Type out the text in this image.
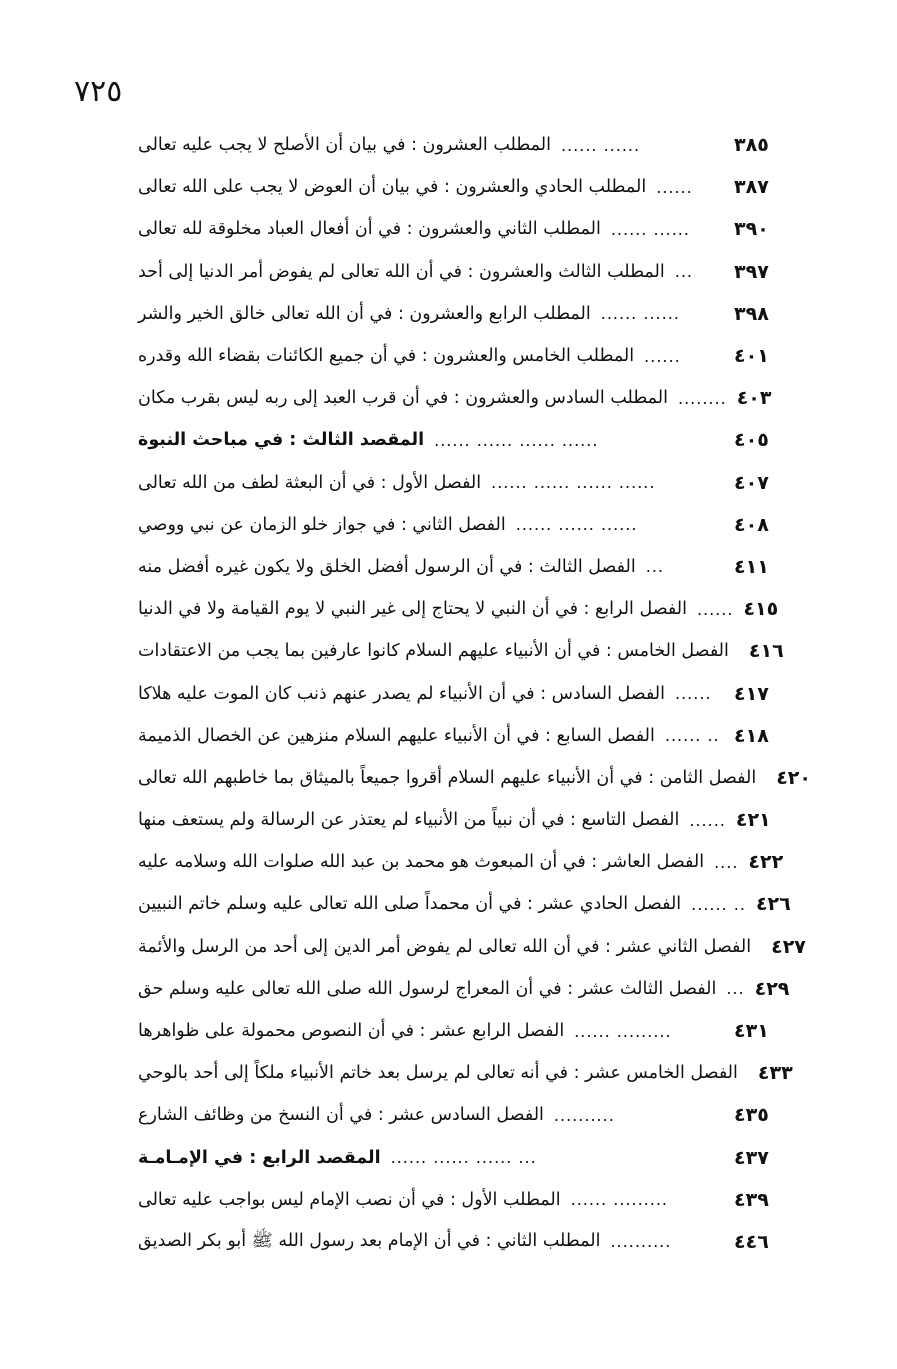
٧٢٥
المطلب العشرون : في بيان أن الأصلح لا يجب عليه تعالى ...... ......	٣٨٥
المطلب الحادي والعشرون : في بيان أن العوض لا يجب على الله تعالى ......	٣٨٧
المطلب الثاني والعشرون : في أن أفعال العباد مخلوقة لله تعالى ...... ......	٣٩٠
المطلب الثالث والعشرون : في أن الله تعالى لم يفوض أمر الدنيا إلى أحد ...	٣٩٧
المطلب الرابع والعشرون : في أن الله تعالى خالق الخير والشر ...... ......	٣٩٨
المطلب الخامس والعشرون : في أن جميع الكائنات بقضاء الله وقدره ......	٤٠١
المطلب السادس والعشرون : في أن قرب العبد إلى ربه ليس بقرب مكان ........ ٤٠٣
المقصد الثالث : في مباحث النبوة ...... ...... ...... ......	٤٠٥
الفصل الأول : في أن البعثة لطف من الله تعالى ...... ...... ...... ......	٤٠٧
الفصل الثاني : في جواز خلو الزمان عن نبي ووصي ...... ...... ......	٤٠٨
الفصل الثالث : في أن الرسول أفضل الخلق ولا يكون غيره أفضل منه ...	٤١١
الفصل الرابع : في أن النبي لا يحتاج إلى غير النبي لا يوم القيامة ولا في الدنيا ...... ٤١٥
الفصل الخامس : في أن الأنبياء عليهم السلام كانوا عارفين بما يجب من الاعتقادات ٤١٦
الفصل السادس : في أن الأنبياء لم يصدر عنهم ذنب كان الموت عليه هلاكا ......	٤١٧
الفصل السابع : في أن الأنبياء عليهم السلام منزهين عن الخصال الذميمة ...... .. ٤١٨
الفصل الثامن : في أن الأنبياء عليهم السلام أقروا جميعاً بالميثاق بما خاطبهم الله تعالى ٤٢٠
الفصل التاسع : في أن نبياً من الأنبياء لم يعتذر عن الرسالة ولم يستعف منها ...... ٤٢١
الفصل العاشر : في أن المبعوث هو محمد بن عبد الله صلوات الله وسلامه عليه .... ٤٢٢
الفصل الحادي عشر : في أن محمداً صلى الله تعالى عليه وسلم خاتم النبيين ...... .. ٤٢٦
الفصل الثاني عشر : في أن الله تعالى لم يفوض أمر الدين إلى أحد من الرسل والأئمة ٤٢٧
الفصل الثالث عشر : في أن المعراج لرسول الله صلى الله تعالى عليه وسلم حق ... ٤٢٩
الفصل الرابع عشر : في أن النصوص محمولة على ظواهرها ...... .........	٤٣١
الفصل الخامس عشر : في أنه تعالى لم يرسل بعد خاتم الأنبياء ملكاً إلى أحد بالوحي ٤٣٣
الفصل السادس عشر : في أن النسخ من وظائف الشارع ..........	٤٣٥
المقصد الرابع : في الإمـامـة ...... ...... ...... ...	٤٣٧
المطلب الأول : في أن نصب الإمام ليس بواجب عليه تعالى ...... .........	٤٣٩
المطلب الثاني : في أن الإمام بعد رسول الله ﷺ أبو بكر الصديق ..........	٤٤٦
